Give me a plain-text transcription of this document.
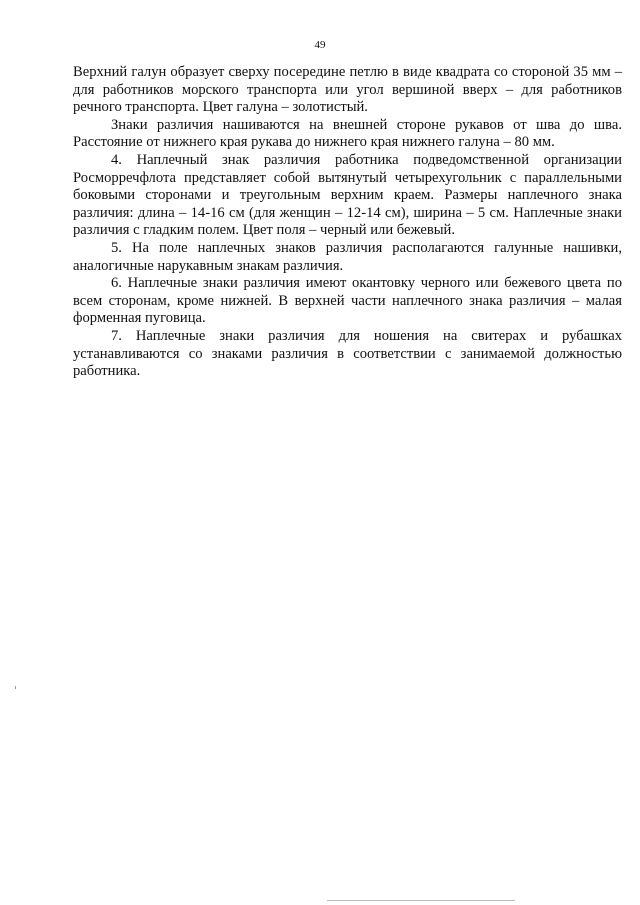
49

Верхний галун образует сверху посередине петлю в виде квадрата со стороной 35 мм – для работников морского транспорта или угол вершиной вверх – для работников речного транспорта. Цвет галуна – золотистый.

Знаки различия нашиваются на внешней стороне рукавов от шва до шва. Расстояние от нижнего края рукава до нижнего края нижнего галуна – 80 мм.

4. Наплечный знак различия работника подведомственной организации Росморречфлота представляет собой вытянутый четырехугольник с параллельными боковыми сторонами и треугольным верхним краем. Размеры наплечного знака различия: длина – 14-16 см (для женщин – 12-14 см), ширина – 5 см. Наплечные знаки различия с гладким полем. Цвет поля – черный или бежевый.

5. На поле наплечных знаков различия располагаются галунные нашивки, аналогичные нарукавным знакам различия.

6. Наплечные знаки различия имеют окантовку черного или бежевого цвета по всем сторонам, кроме нижней. В верхней части наплечного знака различия – малая форменная пуговица.

7. Наплечные знаки различия для ношения на свитерах и рубашках устанавливаются со знаками различия в соответствии с занимаемой должностью работника.
